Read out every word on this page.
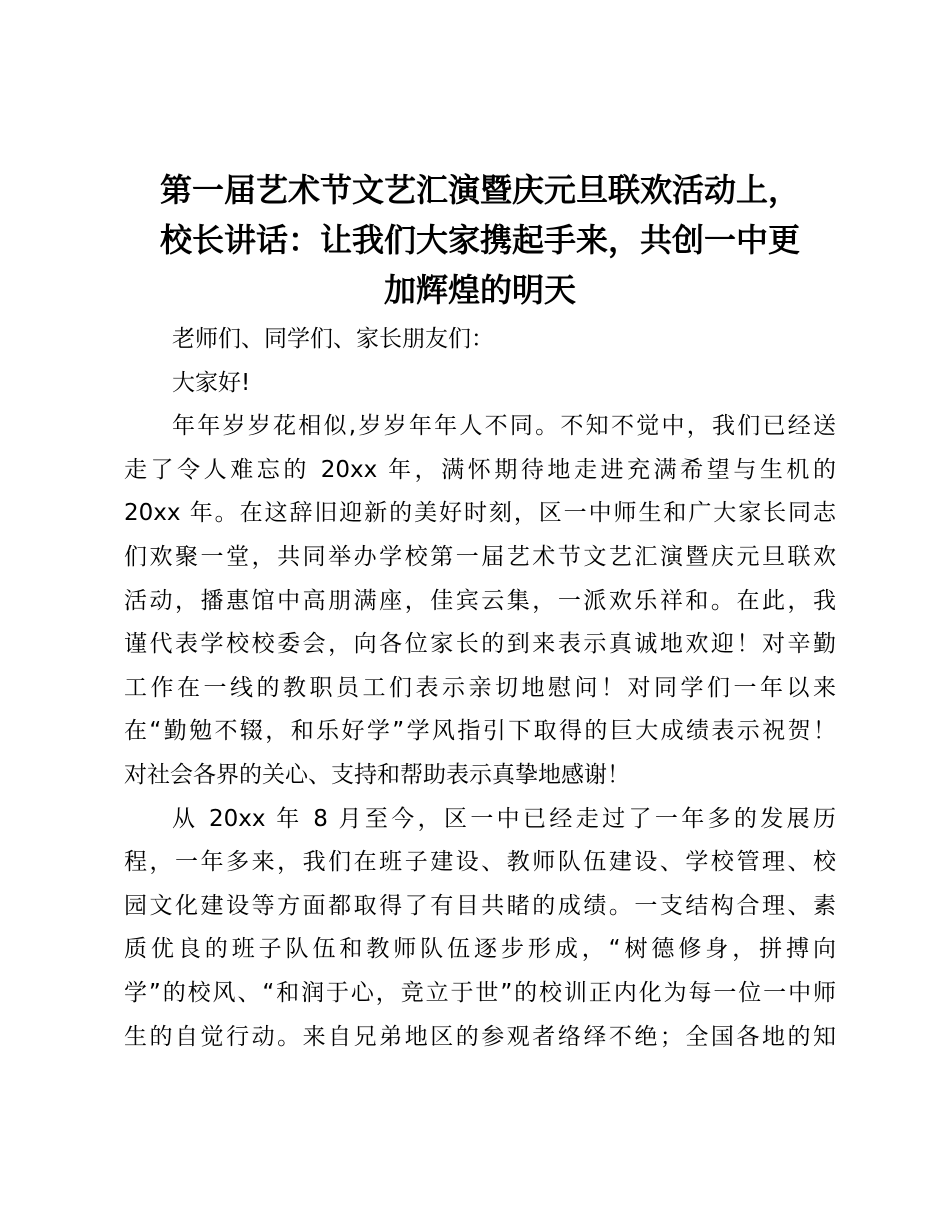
第一届艺术节文艺汇演暨庆元旦联欢活动上，
校长讲话：让我们大家携起手来，共创一中更
加辉煌的明天

老师们、同学们、家长朋友们：

大家好!

年年岁岁花相似,岁岁年年人不同。不知不觉中，我们已经送
走了令人难忘的 20xx 年，满怀期待地走进充满希望与生机的
20xx 年。在这辞旧迎新的美好时刻，区一中师生和广大家长同志
们欢聚一堂，共同举办学校第一届艺术节文艺汇演暨庆元旦联欢
活动，播惠馆中高朋满座，佳宾云集，一派欢乐祥和。在此，我
谨代表学校校委会，向各位家长的到来表示真诚地欢迎！对辛勤
工作在一线的教职员工们表示亲切地慰问！对同学们一年以来
在“勤勉不辍，和乐好学”学风指引下取得的巨大成绩表示祝贺！
对社会各界的关心、支持和帮助表示真挚地感谢！

从 20xx 年 8 月至今，区一中已经走过了一年多的发展历
程，一年多来，我们在班子建设、教师队伍建设、学校管理、校
园文化建设等方面都取得了有目共睹的成绩。一支结构合理、素
质优良的班子队伍和教师队伍逐步形成，“树德修身，拼搏向
学”的校风、“和润于心，竞立于世”的校训正内化为每一位一中师
生的自觉行动。来自兄弟地区的参观者络绎不绝；全国各地的知
